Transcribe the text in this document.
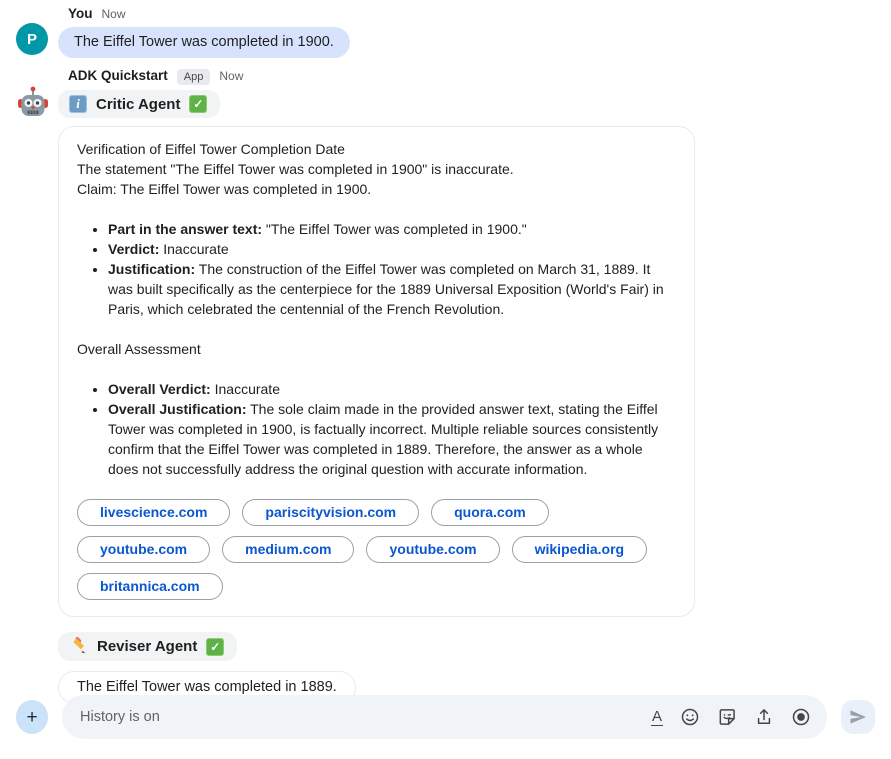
P
You Now
The Eiffel Tower was completed in 1900.
ADK Quickstart	App	Now
i	Critic Agent	✓
Verification of Eiffel Tower Completion Date
The statement "The Eiffel Tower was completed in 1900" is inaccurate.
Claim: The Eiffel Tower was completed in 1900.
• Part in the answer text: "The Eiffel Tower was completed in 1900."
• Verdict: Inaccurate
• Justification: The construction of the Eiffel Tower was completed on March 31, 1889. It was built specifically as the centerpiece for the 1889 Universal Exposition (World's Fair) in Paris, which celebrated the centennial of the French Revolution.
Overall Assessment
• Overall Verdict: Inaccurate
• Overall Justification: The sole claim made in the provided answer text, stating the Eiffel Tower was completed in 1900, is factually incorrect. Multiple reliable sources consistently confirm that the Eiffel Tower was completed in 1889. Therefore, the answer as a whole does not successfully address the original question with accurate information.
livescience.com	pariscityvision.com	quora.com
youtube.com	medium.com	youtube.com	wikipedia.org
britannica.com
Reviser Agent	✓
The Eiffel Tower was completed in 1889.
+
History is on	A
